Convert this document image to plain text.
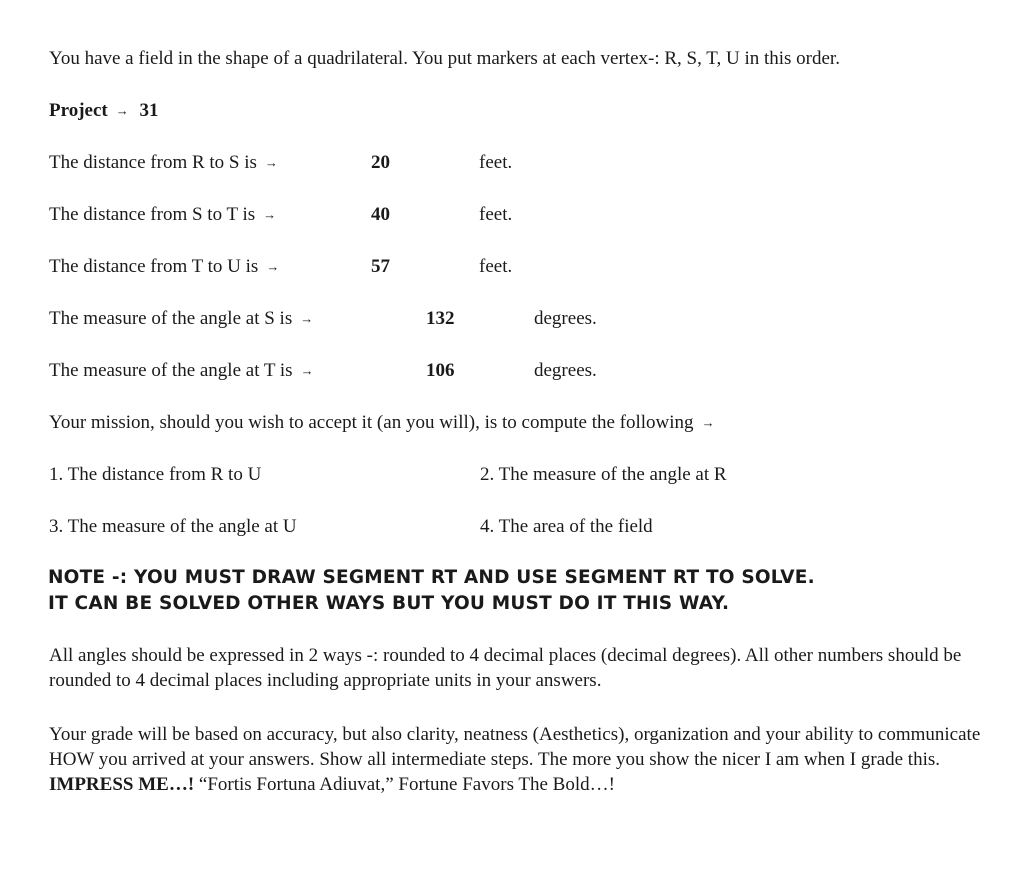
You have a field in the shape of a quadrilateral. You put markers at each vertex-: R, S, T, U in this order.
Project → 31
The distance from R to S is →	20	feet.
The distance from S to T is →	40	feet.
The distance from T to U is →	57	feet.
The measure of the angle at S is →	132	degrees.
The measure of the angle at T is →	106	degrees.
Your mission, should you wish to accept it (an you will), is to compute the following →
1. The distance from R to U	2. The measure of the angle at R
3. The measure of the angle at U	4. The area of the field
NOTE -: YOU MUST DRAW SEGMENT RT AND USE SEGMENT RT TO SOLVE.
IT CAN BE SOLVED OTHER WAYS BUT YOU MUST DO IT THIS WAY.
All angles should be expressed in 2 ways -: rounded to 4 decimal places (decimal degrees). All other numbers should be rounded to 4 decimal places including appropriate units in your answers.
Your grade will be based on accuracy, but also clarity, neatness (Aesthetics), organization and your ability to communicate HOW you arrived at your answers. Show all intermediate steps. The more you show the nicer I am when I grade this. IMPRESS ME…! “Fortis Fortuna Adiuvat,” Fortune Favors The Bold…!
